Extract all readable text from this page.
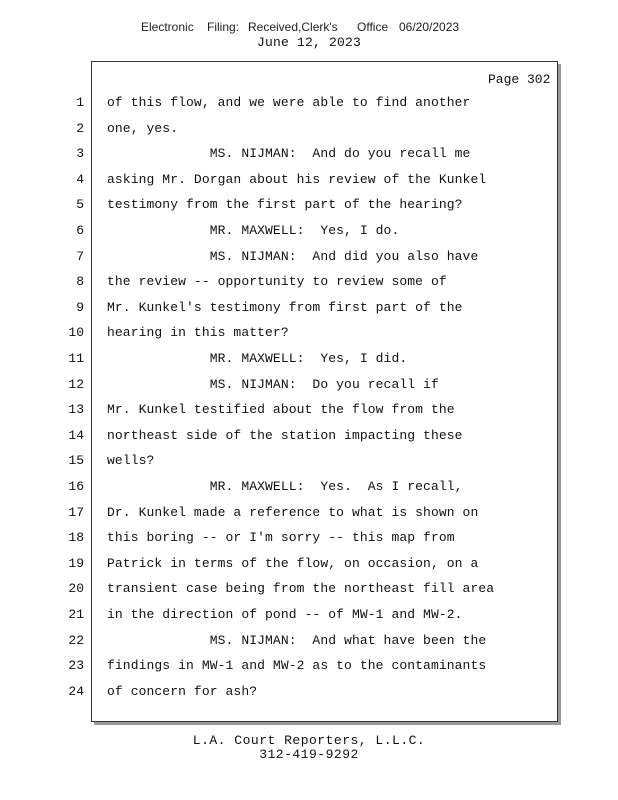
Electronic Filing: Received,Clerk's Office 06/20/2023
June 12, 2023
Page 302
1 of this flow, and we were able to find another
2 one, yes.
3 MS. NIJMAN:  And do you recall me
4 asking Mr. Dorgan about his review of the Kunkel
5 testimony from the first part of the hearing?
6 MR. MAXWELL:  Yes, I do.
7 MS. NIJMAN:  And did you also have
8 the review -- opportunity to review some of
9 Mr. Kunkel's testimony from first part of the
10 hearing in this matter?
11 MR. MAXWELL:  Yes, I did.
12 MS. NIJMAN:  Do you recall if
13 Mr. Kunkel testified about the flow from the
14 northeast side of the station impacting these
15 wells?
16 MR. MAXWELL:  Yes.  As I recall,
17 Dr. Kunkel made a reference to what is shown on
18 this boring -- or I'm sorry -- this map from
19 Patrick in terms of the flow, on occasion, on a
20 transient case being from the northeast fill area
21 in the direction of pond -- of MW-1 and MW-2.
22 MS. NIJMAN:  And what have been the
23 findings in MW-1 and MW-2 as to the contaminants
24 of concern for ash?
L.A. Court Reporters, L.L.C.
312-419-9292
